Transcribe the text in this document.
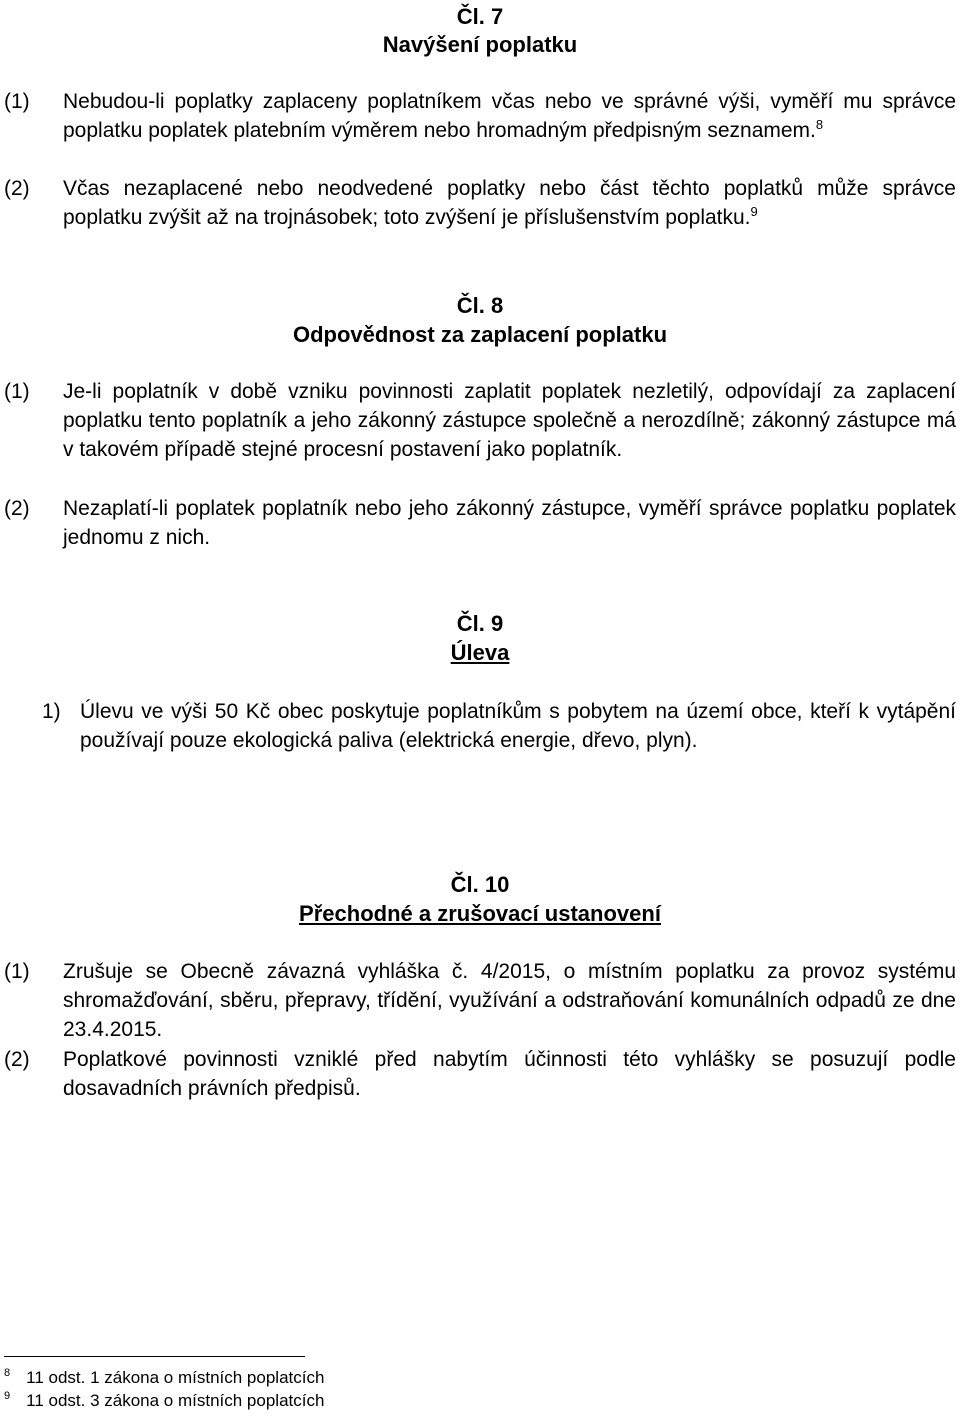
Čl. 7
Navýšení poplatku
(1) Nebudou-li poplatky zaplaceny poplatníkem včas nebo ve správné výši, vyměří mu správce poplatku poplatek platebním výměrem nebo hromadným předpisným seznamem.$^8$
(2) Včas nezaplacené nebo neodvedené poplatky nebo část těchto poplatků může správce poplatku zvýšit až na trojnásobek; toto zvýšení je příslušenstvím poplatku.$^9$
Čl. 8
Odpovědnost za zaplacení poplatku
(1) Je-li poplatník v době vzniku povinnosti zaplatit poplatek nezletilý, odpovídají za zaplacení poplatku tento poplatník a jeho zákonný zástupce společně a nerozdílně; zákonný zástupce má v takovém případě stejné procesní postavení jako poplatník.
(2) Nezaplatí-li poplatek poplatník nebo jeho zákonný zástupce, vyměří správce poplatku poplatek jednomu z nich.
Čl. 9
Úleva
1) Úlevu ve výši 50 Kč obec poskytuje poplatníkům s pobytem na území obce, kteří k vytápění používají pouze ekologická paliva (elektrická energie, dřevo, plyn).
Čl. 10
Přechodné a zrušovací ustanovení
(1) Zrušuje se Obecně závazná vyhláška č. 4/2015, o místním poplatku za provoz systému shromažďování, sběru, přepravy, třídění, využívání a odstraňování komunálních odpadů ze dne 23.4.2015.
(2) Poplatkové povinnosti vzniklé před nabytím účinnosti této vyhlášky se posuzují podle dosavadních právních předpisů.
$^8$ 11 odst. 1 zákona o místních poplatcích
$^9$ 11 odst. 3 zákona o místních poplatcích
